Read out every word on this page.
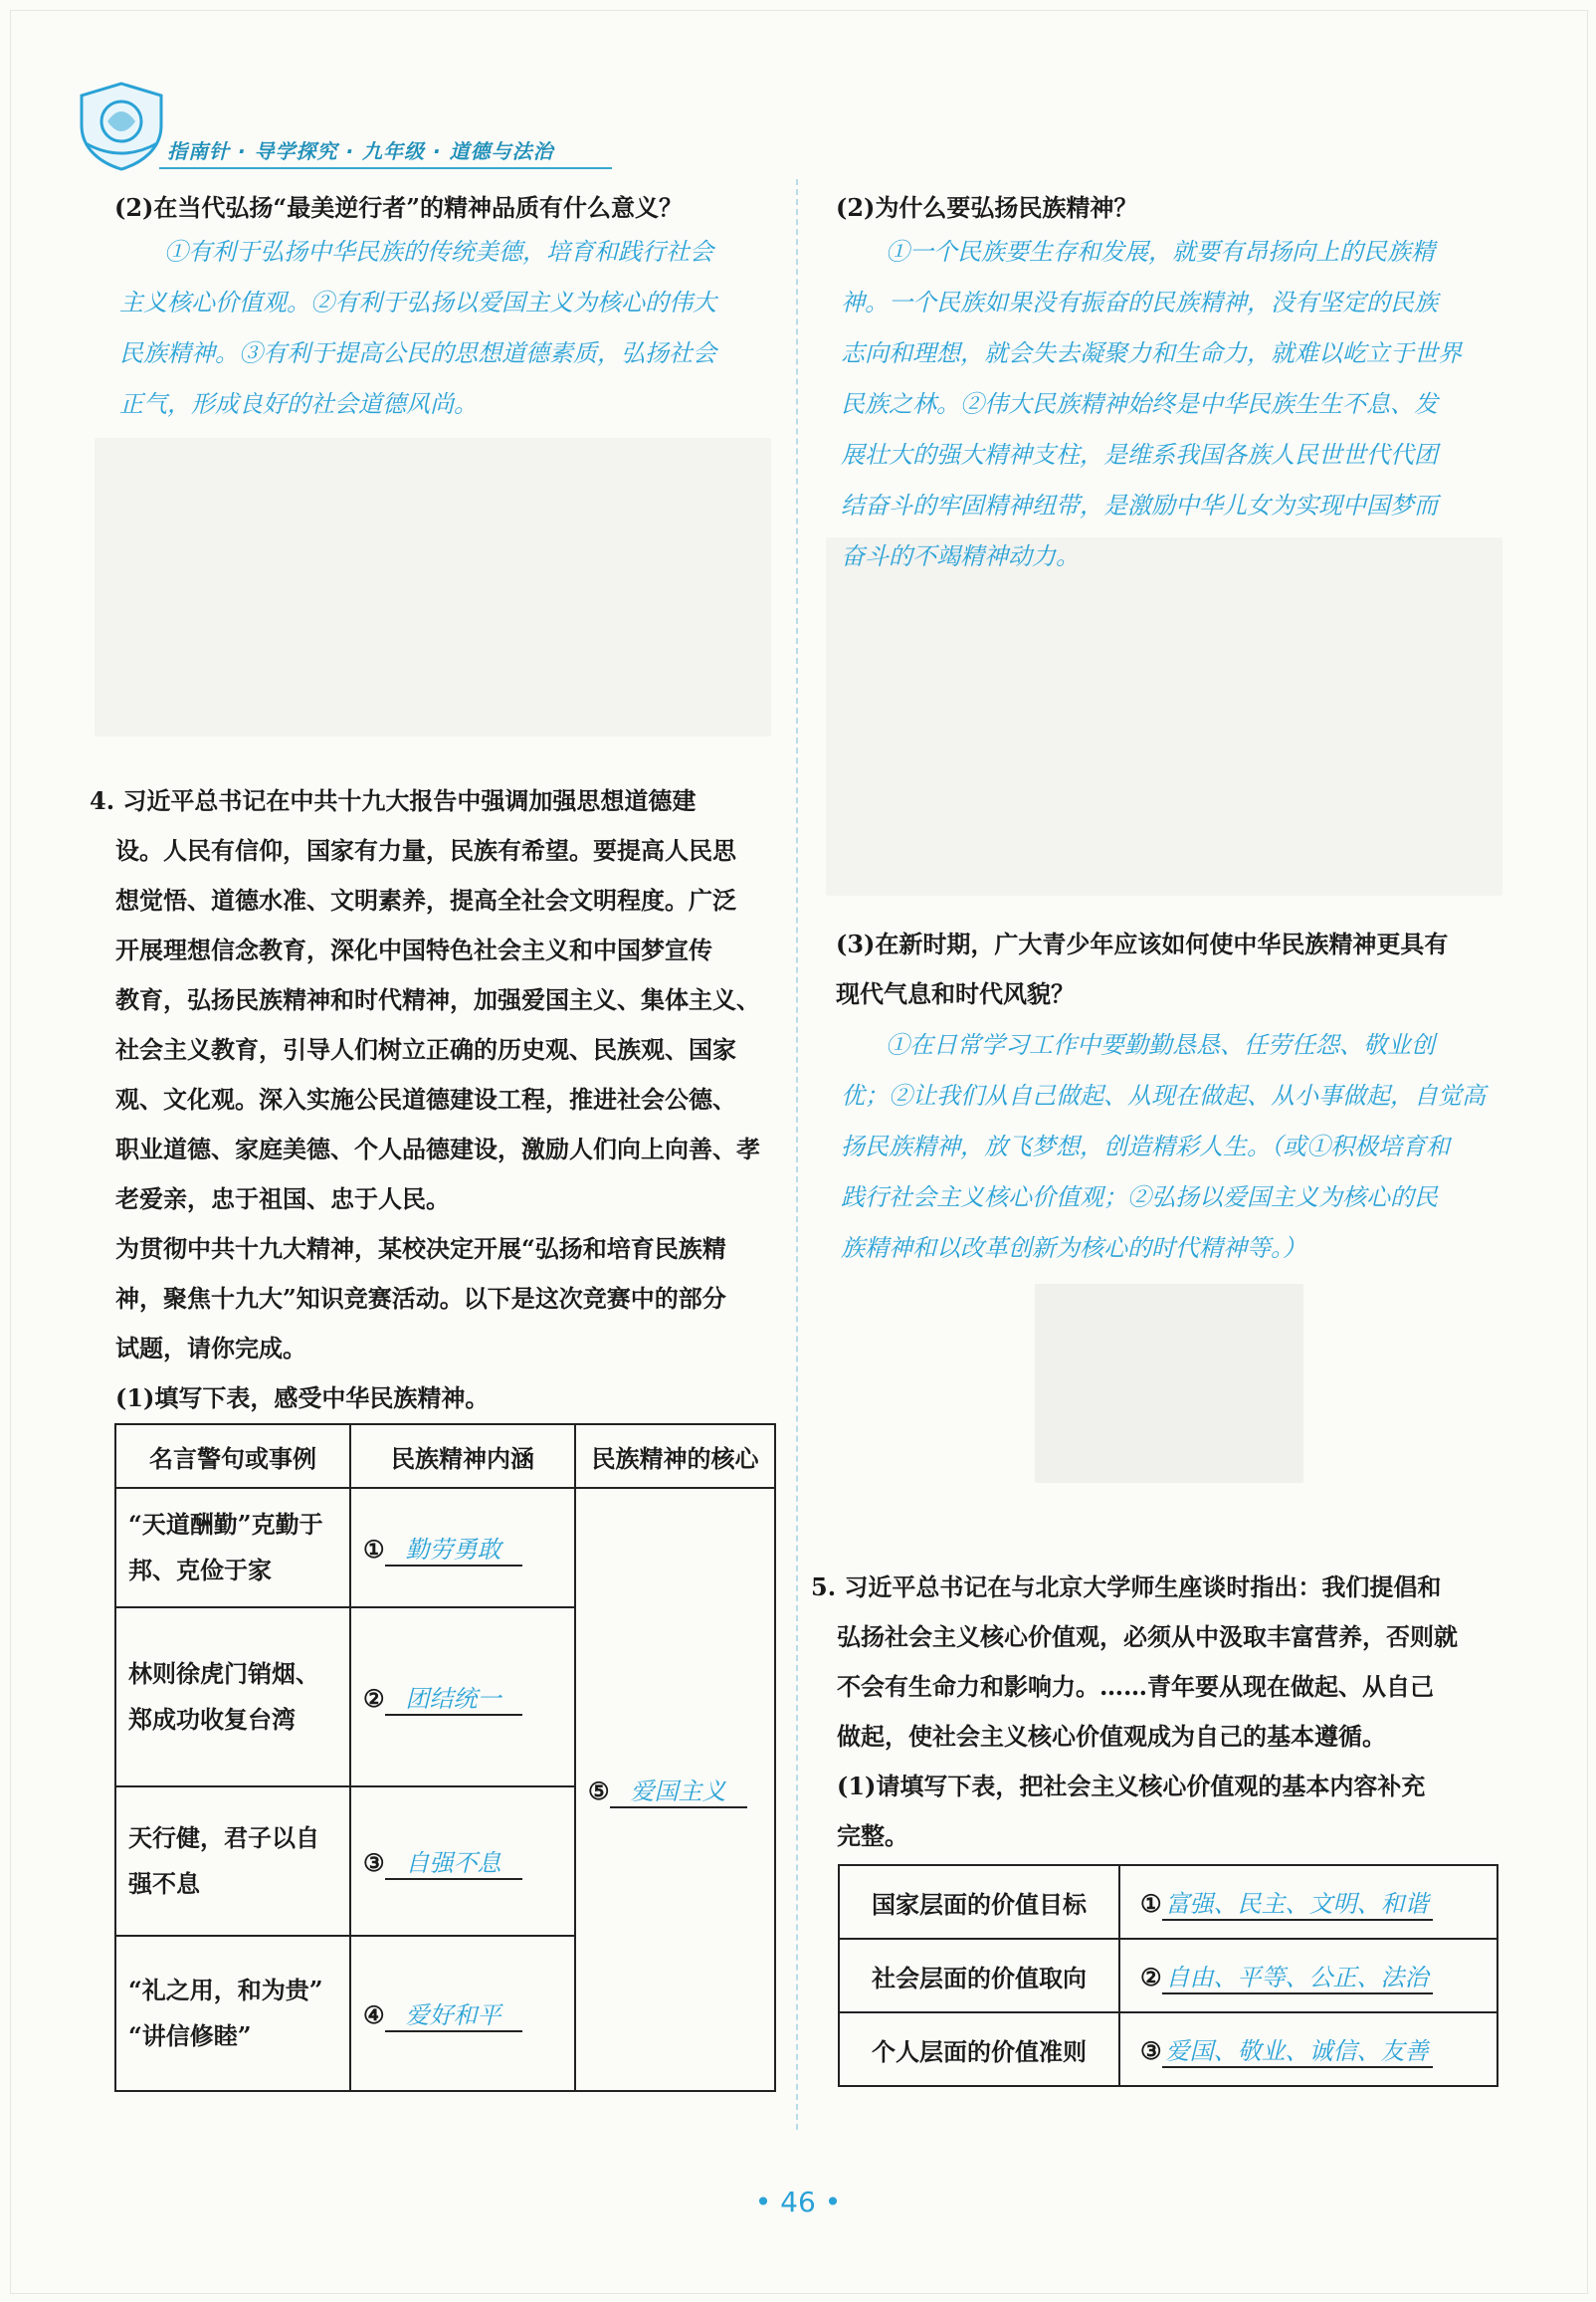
指南针 · 导学探究 · 九年级 · 道德与法治
(2)在当代弘扬“最美逆行者”的精神品质有什么意义？
①有利于弘扬中华民族的传统美德，培育和践行社会
主义核心价值观。②有利于弘扬以爱国主义为核心的伟大
民族精神。③有利于提高公民的思想道德素质，弘扬社会
正气，形成良好的社会道德风尚。
4. 习近平总书记在中共十九大报告中强调加强思想道德建
设。人民有信仰，国家有力量，民族有希望。要提高人民思
想觉悟、道德水准、文明素养，提高全社会文明程度。广泛
开展理想信念教育，深化中国特色社会主义和中国梦宣传
教育，弘扬民族精神和时代精神，加强爱国主义、集体主义、
社会主义教育，引导人们树立正确的历史观、民族观、国家
观、文化观。深入实施公民道德建设工程，推进社会公德、
职业道德、家庭美德、个人品德建设，激励人们向上向善、孝
老爱亲，忠于祖国、忠于人民。
为贯彻中共十九大精神，某校决定开展“弘扬和培育民族精
神，聚焦十九大”知识竞赛活动。以下是这次竞赛中的部分
试题，请你完成。
(1)填写下表，感受中华民族精神。
名言警句或事例	民族精神内涵	民族精神的核心

“天道酬勤”克勤于
邦、克俭于家	① 勤劳勇敢	⑤ 爱国主义

林则徐虎门销烟、
郑成功收复台湾	② 团结统一	

天行健，君子以自
强不息	③ 自强不息	

“礼之用，和为贵”
“讲信修睦”	④ 爱好和平	
(2)为什么要弘扬民族精神？
①一个民族要生存和发展，就要有昂扬向上的民族精
神。一个民族如果没有振奋的民族精神，没有坚定的民族
志向和理想，就会失去凝聚力和生命力，就难以屹立于世界
民族之林。②伟大民族精神始终是中华民族生生不息、发
展壮大的强大精神支柱，是维系我国各族人民世世代代团
结奋斗的牢固精神纽带，是激励中华儿女为实现中国梦而
奋斗的不竭精神动力。
(3)在新时期，广大青少年应该如何使中华民族精神更具有
现代气息和时代风貌？
①在日常学习工作中要勤勤恳恳、任劳任怨、敬业创
优；②让我们从自己做起、从现在做起、从小事做起，自觉高
扬民族精神，放飞梦想，创造精彩人生。（或①积极培育和
践行社会主义核心价值观；②弘扬以爱国主义为核心的民
族精神和以改革创新为核心的时代精神等。）
5. 习近平总书记在与北京大学师生座谈时指出：我们提倡和
弘扬社会主义核心价值观，必须从中汲取丰富营养，否则就
不会有生命力和影响力。……青年要从现在做起、从自己
做起，使社会主义核心价值观成为自己的基本遵循。
(1)请填写下表，把社会主义核心价值观的基本内容补充
完整。
国家层面的价值目标	① 富强、民主、文明、和谐
社会层面的价值取向	② 自由、平等、公正、法治
个人层面的价值准则	③ 爱国、敬业、诚信、友善
• 46 •
